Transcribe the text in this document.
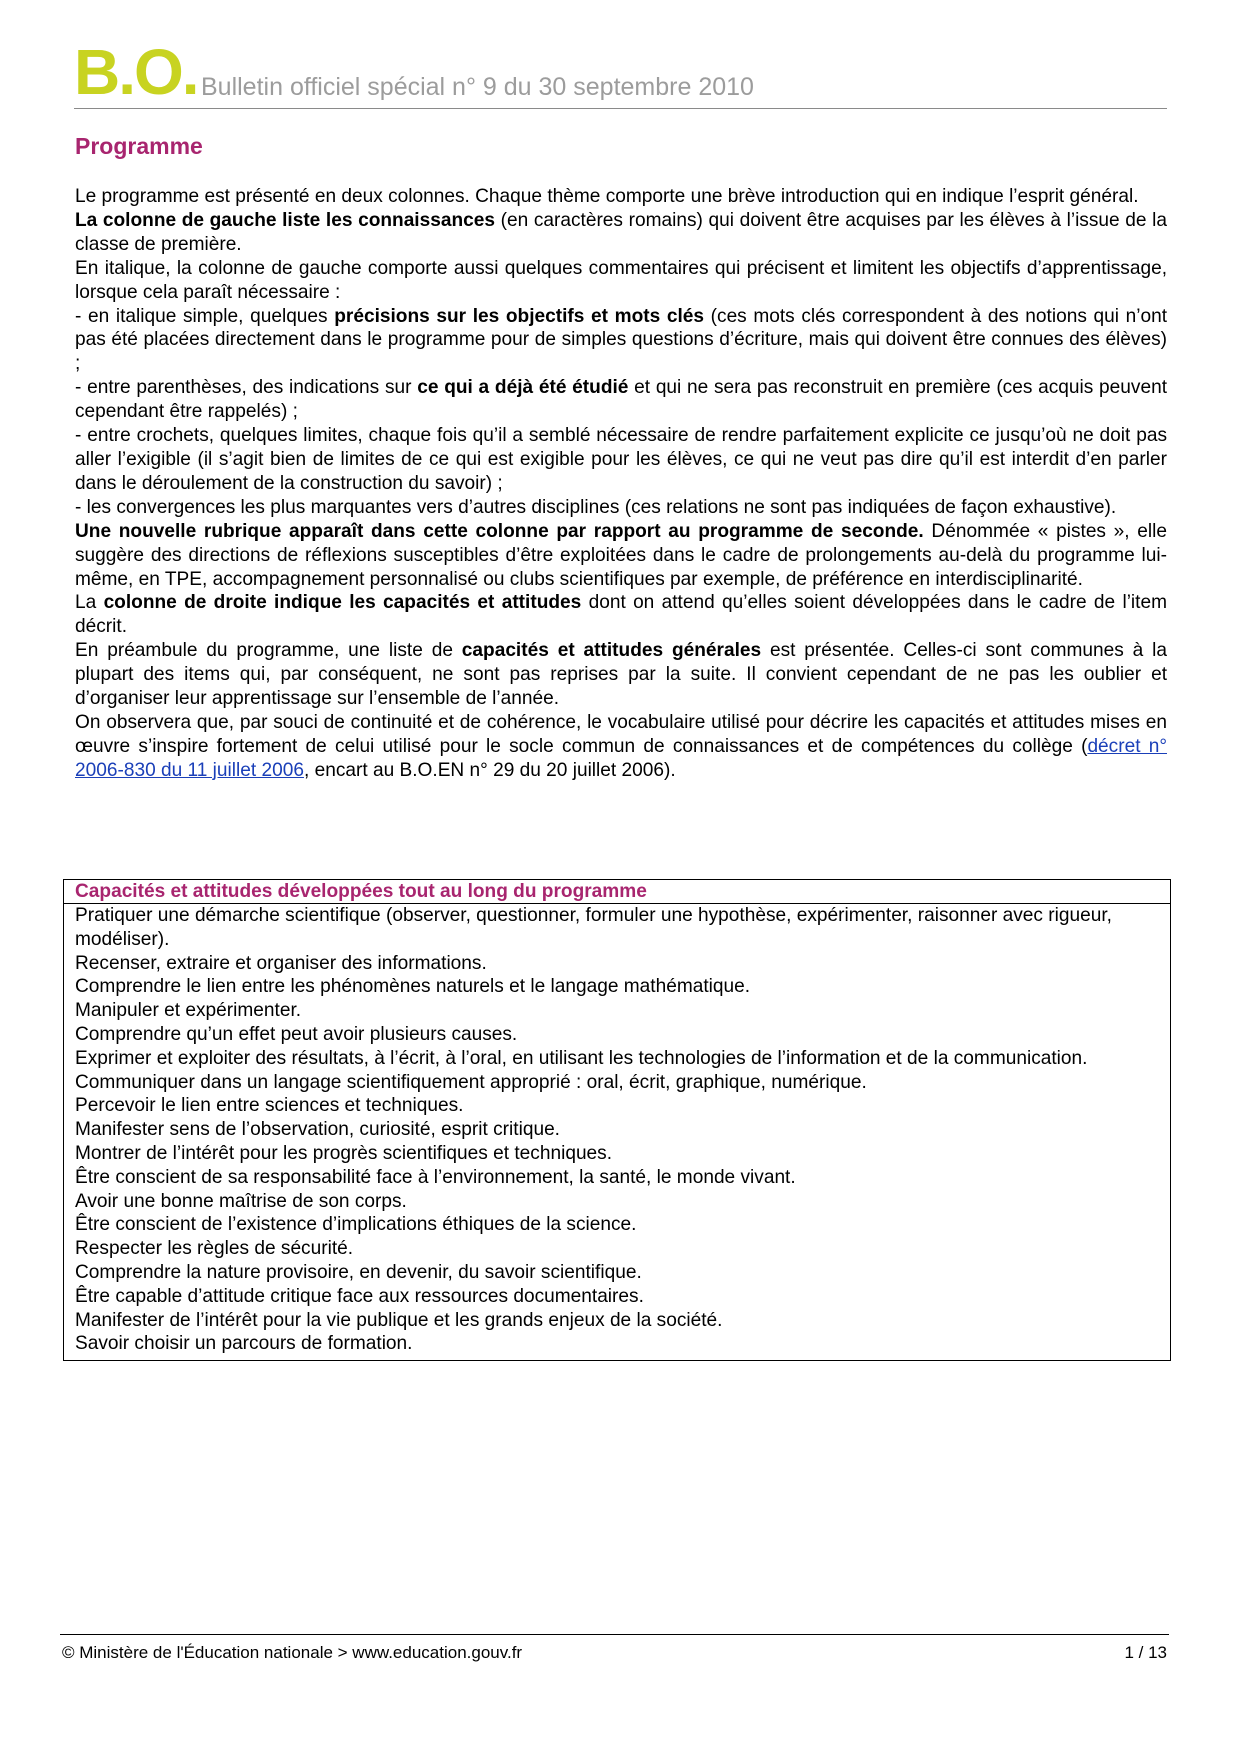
B.O. Bulletin officiel spécial n° 9 du 30 septembre 2010
Programme

Le programme est présenté en deux colonnes. Chaque thème comporte une brève introduction qui en indique l’esprit général.

La colonne de gauche liste les connaissances (en caractères romains) qui doivent être acquises par les élèves à l’issue de la classe de première.

En italique, la colonne de gauche comporte aussi quelques commentaires qui précisent et limitent les objectifs d’apprentissage, lorsque cela paraît nécessaire :

- en italique simple, quelques précisions sur les objectifs et mots clés (ces mots clés correspondent à des notions qui n’ont pas été placées directement dans le programme pour de simples questions d’écriture, mais qui doivent être connues des élèves) ;

- entre parenthèses, des indications sur ce qui a déjà été étudié et qui ne sera pas reconstruit en première (ces acquis peuvent cependant être rappelés) ;

- entre crochets, quelques limites, chaque fois qu’il a semblé nécessaire de rendre parfaitement explicite ce jusqu’où ne doit pas aller l’exigible (il s’agit bien de limites de ce qui est exigible pour les élèves, ce qui ne veut pas dire qu’il est interdit d’en parler dans le déroulement de la construction du savoir) ;

- les convergences les plus marquantes vers d’autres disciplines (ces relations ne sont pas indiquées de façon exhaustive).

Une nouvelle rubrique apparaît dans cette colonne par rapport au programme de seconde. Dénommée « pistes », elle suggère des directions de réflexions susceptibles d’être exploitées dans le cadre de prolongements au-delà du programme lui-même, en TPE, accompagnement personnalisé ou clubs scientifiques par exemple, de préférence en interdisciplinarité.

La colonne de droite indique les capacités et attitudes dont on attend qu’elles soient développées dans le cadre de l’item décrit.

En préambule du programme, une liste de capacités et attitudes générales est présentée. Celles-ci sont communes à la plupart des items qui, par conséquent, ne sont pas reprises par la suite. Il convient cependant de ne pas les oublier et d’organiser leur apprentissage sur l’ensemble de l’année.

On observera que, par souci de continuité et de cohérence, le vocabulaire utilisé pour décrire les capacités et attitudes mises en œuvre s’inspire fortement de celui utilisé pour le socle commun de connaissances et de compétences du collège (décret n° 2006-830 du 11 juillet 2006, encart au B.O.EN n° 29 du 20 juillet 2006).

Capacités et attitudes développées tout au long du programme

Pratiquer une démarche scientifique (observer, questionner, formuler une hypothèse, expérimenter, raisonner avec rigueur, modéliser).
Recenser, extraire et organiser des informations.
Comprendre le lien entre les phénomènes naturels et le langage mathématique.
Manipuler et expérimenter.
Comprendre qu’un effet peut avoir plusieurs causes.
Exprimer et exploiter des résultats, à l’écrit, à l’oral, en utilisant les technologies de l’information et de la communication.
Communiquer dans un langage scientifiquement approprié : oral, écrit, graphique, numérique.
Percevoir le lien entre sciences et techniques.
Manifester sens de l’observation, curiosité, esprit critique.
Montrer de l’intérêt pour les progrès scientifiques et techniques.
Être conscient de sa responsabilité face à l’environnement, la santé, le monde vivant.
Avoir une bonne maîtrise de son corps.
Être conscient de l’existence d’implications éthiques de la science.
Respecter les règles de sécurité.
Comprendre la nature provisoire, en devenir, du savoir scientifique.
Être capable d’attitude critique face aux ressources documentaires.
Manifester de l’intérêt pour la vie publique et les grands enjeux de la société.
Savoir choisir un parcours de formation.
© Ministère de l'Éducation nationale > www.education.gouv.fr	1 / 13
